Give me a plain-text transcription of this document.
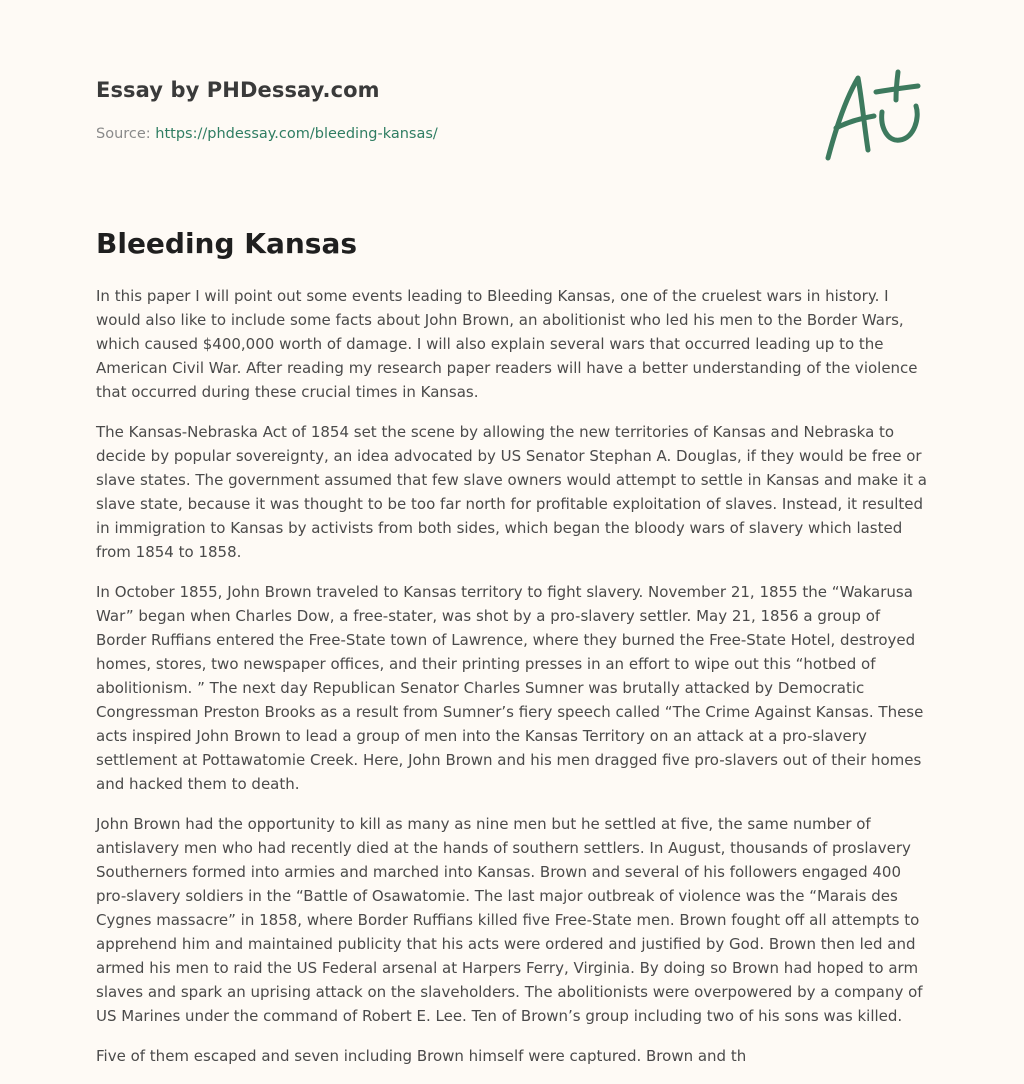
Essay by PHDessay.com
Source: https://phdessay.com/bleeding-kansas/
Bleeding Kansas

In this paper I will point out some events leading to Bleeding Kansas, one of the cruelest wars in history. I would also like to include some facts about John Brown, an abolitionist who led his men to the Border Wars, which caused $400,000 worth of damage. I will also explain several wars that occurred leading up to the American Civil War. After reading my research paper readers will have a better understanding of the violence that occurred during these crucial times in Kansas.

The Kansas-Nebraska Act of 1854 set the scene by allowing the new territories of Kansas and Nebraska to decide by popular sovereignty, an idea advocated by US Senator Stephan A. Douglas, if they would be free or slave states. The government assumed that few slave owners would attempt to settle in Kansas and make it a slave state, because it was thought to be too far north for profitable exploitation of slaves. Instead, it resulted in immigration to Kansas by activists from both sides, which began the bloody wars of slavery which lasted from 1854 to 1858.

In October 1855, John Brown traveled to Kansas territory to fight slavery. November 21, 1855 the “Wakarusa War” began when Charles Dow, a free-stater, was shot by a pro-slavery settler. May 21, 1856 a group of Border Ruffians entered the Free-State town of Lawrence, where they burned the Free-State Hotel, destroyed homes, stores, two newspaper offices, and their printing presses in an effort to wipe out this “hotbed of abolitionism. ” The next day Republican Senator Charles Sumner was brutally attacked by Democratic Congressman Preston Brooks as a result from Sumner’s fiery speech called “The Crime Against Kansas. These acts inspired John Brown to lead a group of men into the Kansas Territory on an attack at a pro-slavery settlement at Pottawatomie Creek. Here, John Brown and his men dragged five pro-slavers out of their homes and hacked them to death.

John Brown had the opportunity to kill as many as nine men but he settled at five, the same number of antislavery men who had recently died at the hands of southern settlers. In August, thousands of proslavery Southerners formed into armies and marched into Kansas. Brown and several of his followers engaged 400 pro-slavery soldiers in the “Battle of Osawatomie. The last major outbreak of violence was the “Marais des Cygnes massacre” in 1858, where Border Ruffians killed five Free-State men. Brown fought off all attempts to apprehend him and maintained publicity that his acts were ordered and justified by God. Brown then led and armed his men to raid the US Federal arsenal at Harpers Ferry, Virginia. By doing so Brown had hoped to arm slaves and spark an uprising attack on the slaveholders. The abolitionists were overpowered by a company of US Marines under the command of Robert E. Lee. Ten of Brown’s group including two of his sons was killed.

Five of them escaped and seven including Brown himself were captured. Brown and th
